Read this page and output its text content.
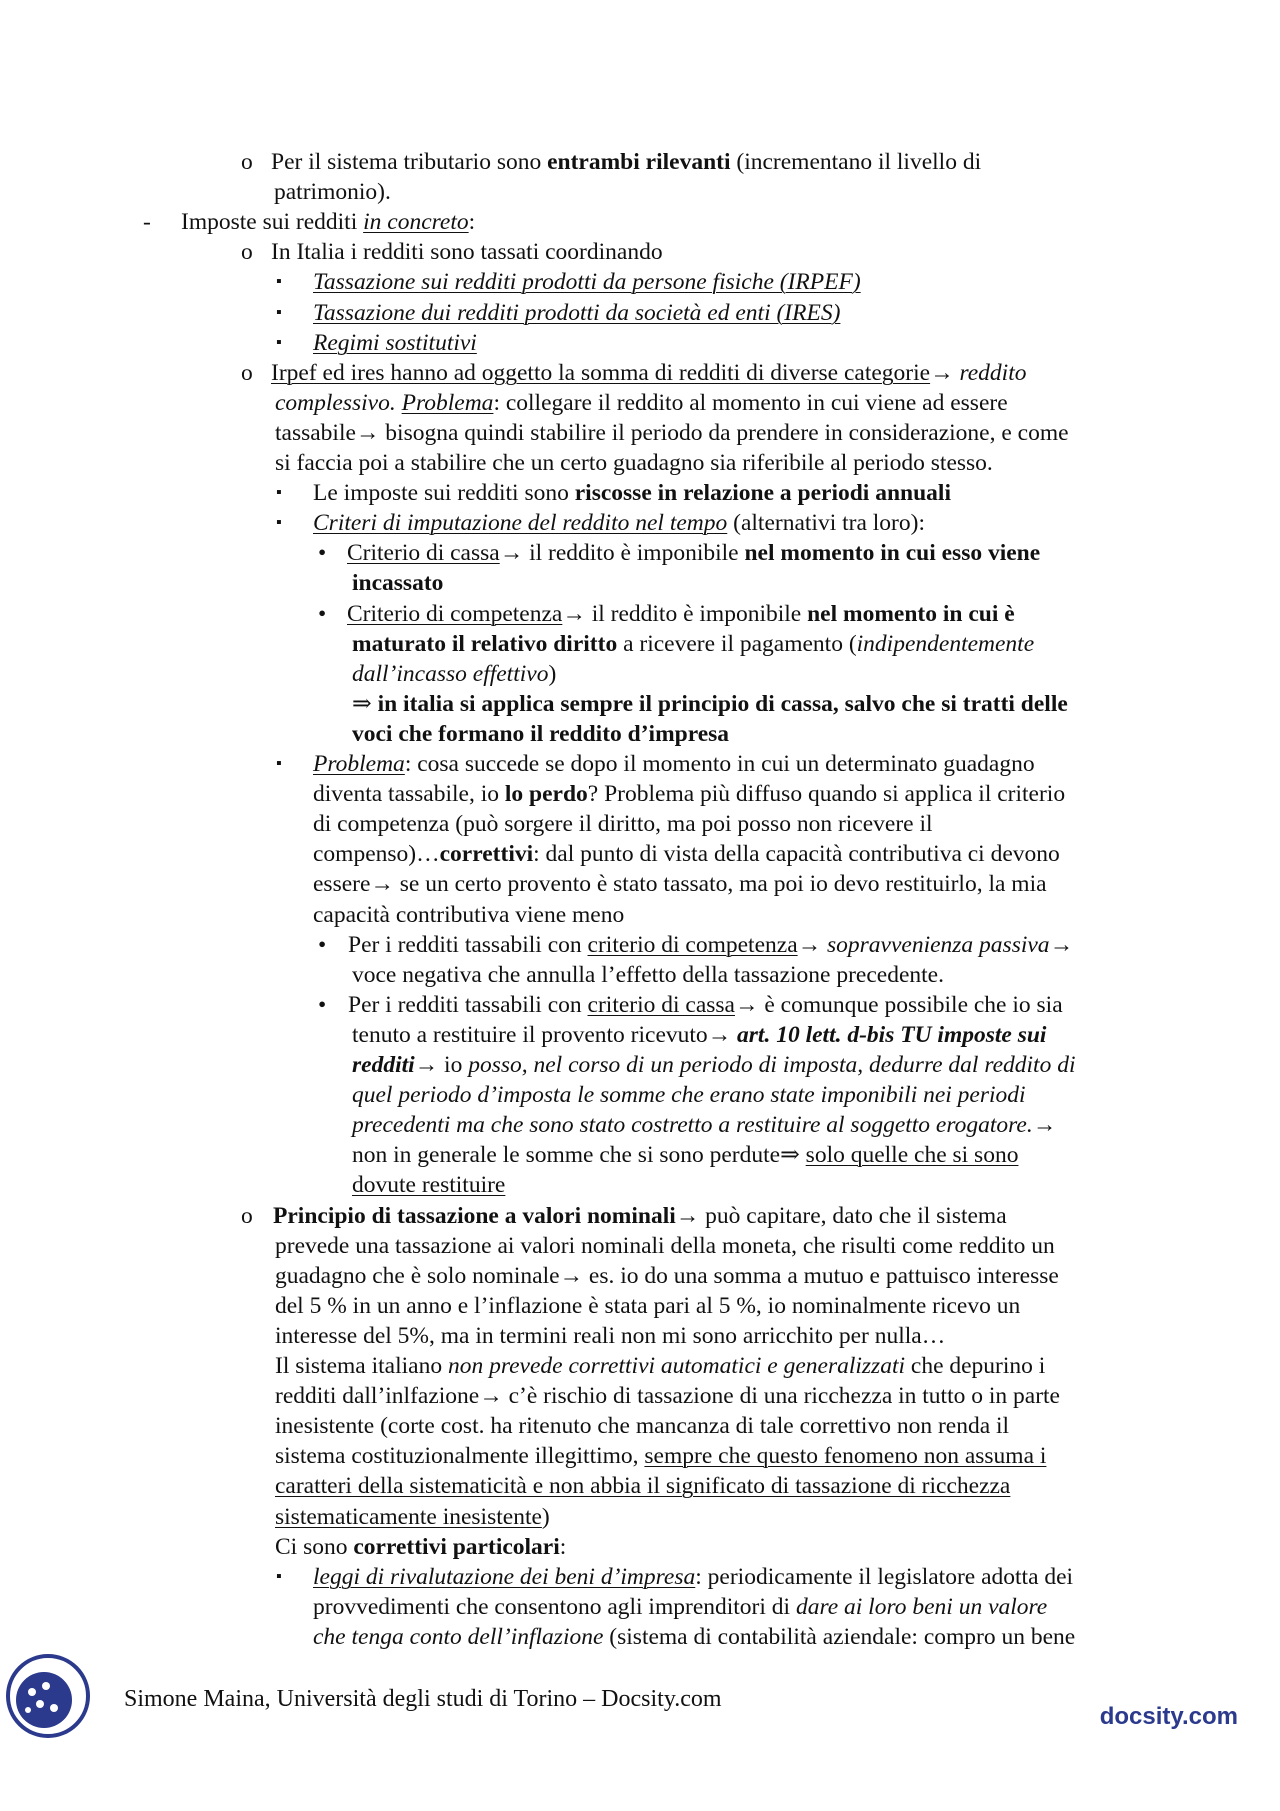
o Per il sistema tributario sono entrambi rilevanti (incrementano il livello di
patrimonio).
- Imposte sui redditi in concreto:
o In Italia i redditi sono tassati coordinando
▪ Tassazione sui redditi prodotti da persone fisiche (IRPEF)
▪ Tassazione dui redditi prodotti da società ed enti (IRES)
▪ Regimi sostitutivi
o Irpef ed ires hanno ad oggetto la somma di redditi di diverse categorie→ reddito
complessivo. Problema: collegare il reddito al momento in cui viene ad essere
tassabile→ bisogna quindi stabilire il periodo da prendere in considerazione, e come
si faccia poi a stabilire che un certo guadagno sia riferibile al periodo stesso.
▪ Le imposte sui redditi sono riscosse in relazione a periodi annuali
▪ Criteri di imputazione del reddito nel tempo (alternativi tra loro):
• Criterio di cassa→ il reddito è imponibile nel momento in cui esso viene
incassato
• Criterio di competenza→ il reddito è imponibile nel momento in cui è
maturato il relativo diritto a ricevere il pagamento (indipendentemente
dall’incasso effettivo)
⇒ in italia si applica sempre il principio di cassa, salvo che si tratti delle
voci che formano il reddito d’impresa
▪ Problema: cosa succede se dopo il momento in cui un determinato guadagno
diventa tassabile, io lo perdo? Problema più diffuso quando si applica il criterio
di competenza (può sorgere il diritto, ma poi posso non ricevere il
compenso)…correttivi: dal punto di vista della capacità contributiva ci devono
essere→ se un certo provento è stato tassato, ma poi io devo restituirlo, la mia
capacità contributiva viene meno
• Per i redditi tassabili con criterio di competenza→ sopravvenienza passiva→
voce negativa che annulla l’effetto della tassazione precedente.
• Per i redditi tassabili con criterio di cassa→ è comunque possibile che io sia
tenuto a restituire il provento ricevuto→ art. 10 lett. d-bis TU imposte sui
redditi→ io posso, nel corso di un periodo di imposta, dedurre dal reddito di
quel periodo d’imposta le somme che erano state imponibili nei periodi
precedenti ma che sono stato costretto a restituire al soggetto erogatore.→
non in generale le somme che si sono perdute⇒ solo quelle che si sono
dovute restituire
o Principio di tassazione a valori nominali→ può capitare, dato che il sistema
prevede una tassazione ai valori nominali della moneta, che risulti come reddito un
guadagno che è solo nominale→ es. io do una somma a mutuo e pattuisco interesse
del 5 % in un anno e l’inflazione è stata pari al 5 %, io nominalmente ricevo un
interesse del 5%, ma in termini reali non mi sono arricchito per nulla…
Il sistema italiano non prevede correttivi automatici e generalizzati che depurino i
redditi dall’inlfazione→ c’è rischio di tassazione di una ricchezza in tutto o in parte
inesistente (corte cost. ha ritenuto che mancanza di tale correttivo non renda il
sistema costituzionalmente illegittimo, sempre che questo fenomeno non assuma i
caratteri della sistematicità e non abbia il significato di tassazione di ricchezza
sistematicamente inesistente)
Ci sono correttivi particolari:
▪ leggi di rivalutazione dei beni d’impresa: periodicamente il legislatore adotta dei
provvedimenti che consentono agli imprenditori di dare ai loro beni un valore
che tenga conto dell’inflazione (sistema di contabilità aziendale: compro un bene
Simone Maina, Università degli studi di Torino – Docsity.com
docsity.com
